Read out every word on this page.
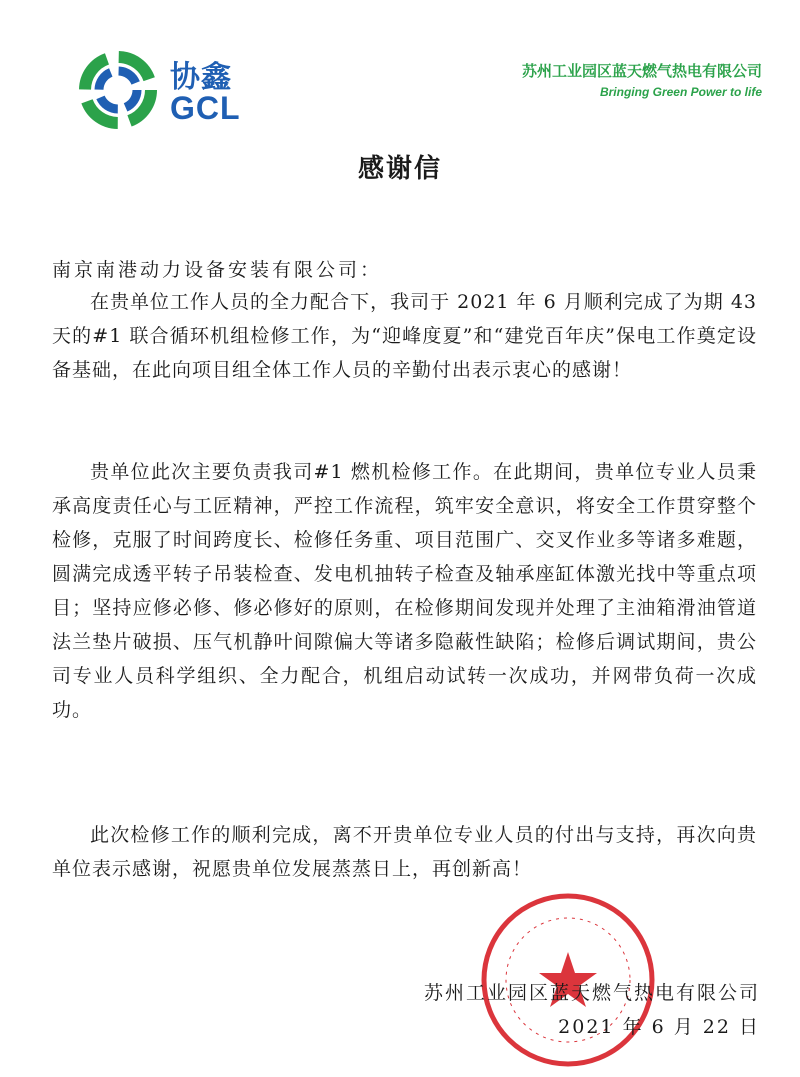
协鑫
GCL
苏州工业园区蓝天燃气热电有限公司
Bringing Green Power to life
感谢信
南京南港动力设备安装有限公司：

在贵单位工作人员的全力配合下，我司于 2021 年 6 月顺利完成了为期 43 天的#1 联合循环机组检修工作，为“迎峰度夏”和“建党百年庆”保电工作奠定设备基础，在此向项目组全体工作人员的辛勤付出表示衷心的感谢！

贵单位此次主要负责我司#1 燃机检修工作。在此期间，贵单位专业人员秉承高度责任心与工匠精神，严控工作流程，筑牢安全意识，将安全工作贯穿整个检修，克服了时间跨度长、检修任务重、项目范围广、交叉作业多等诸多难题，圆满完成透平转子吊装检查、发电机抽转子检查及轴承座缸体激光找中等重点项目；坚持应修必修、修必修好的原则，在检修期间发现并处理了主油箱滑油管道法兰垫片破损、压气机静叶间隙偏大等诸多隐蔽性缺陷；检修后调试期间，贵公司专业人员科学组织、全力配合，机组启动试转一次成功，并网带负荷一次成功。

此次检修工作的顺利完成，离不开贵单位专业人员的付出与支持，再次向贵单位表示感谢，祝愿贵单位发展蒸蒸日上，再创新高！

苏州工业园区蓝天燃气热电有限公司
2021 年 6 月 22 日
